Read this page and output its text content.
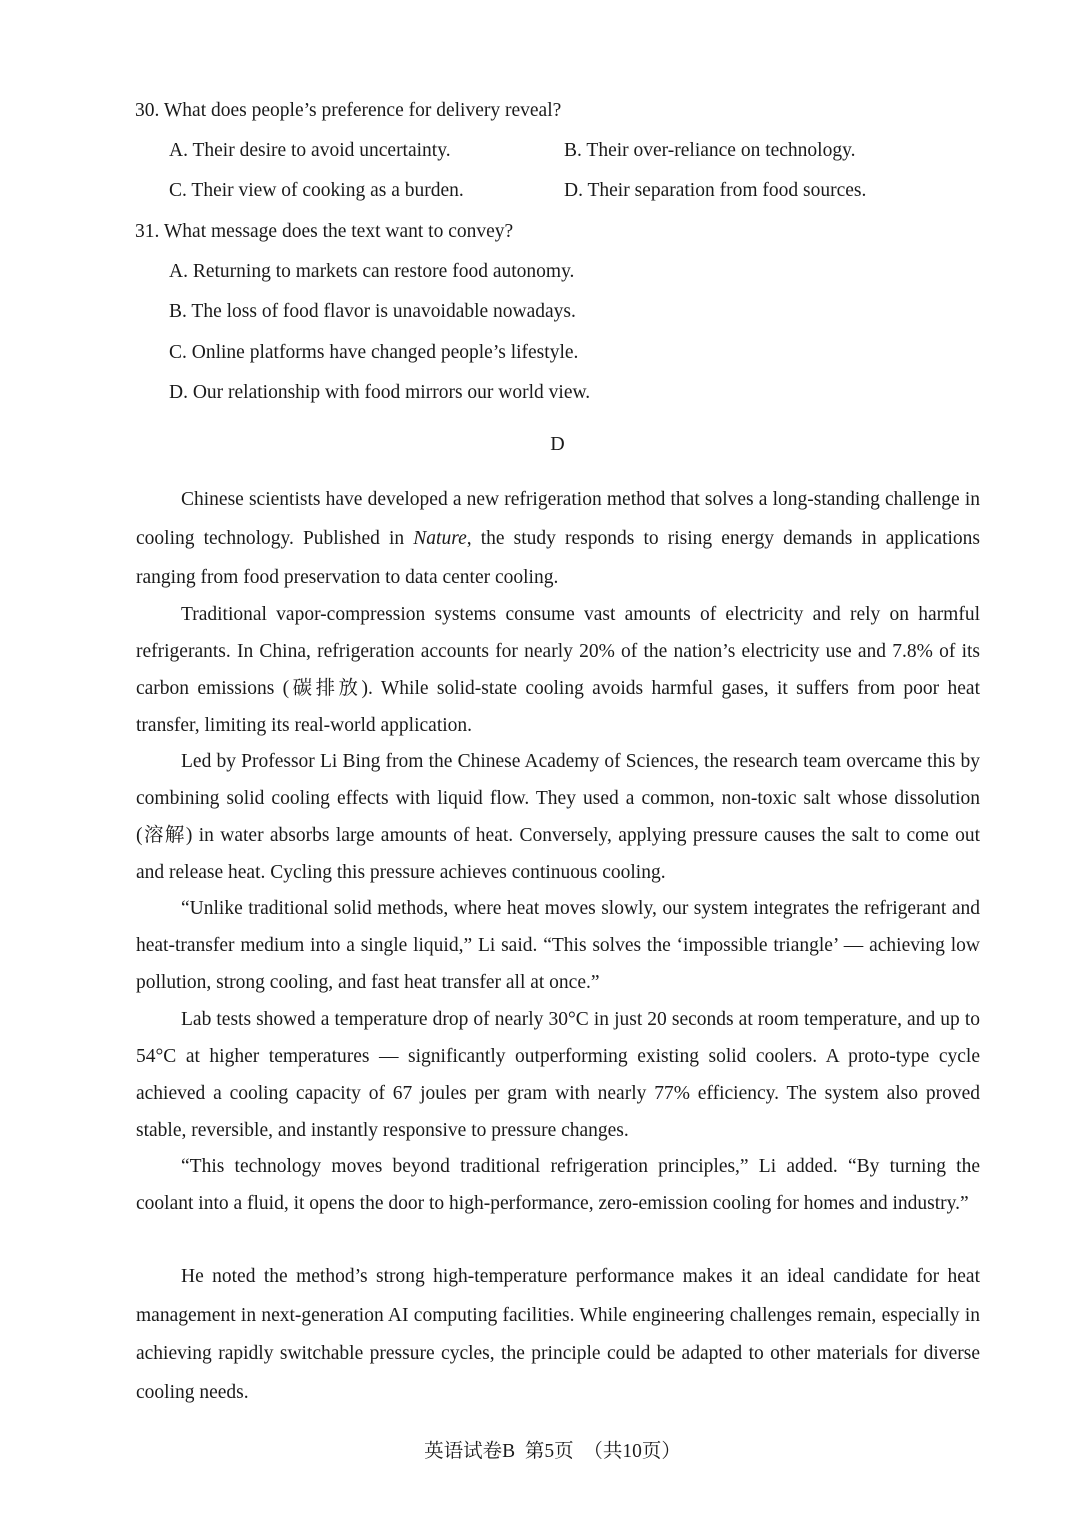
30. What does people’s preference for delivery reveal?
A. Their desire to avoid uncertainty.	B. Their over-reliance on technology.
C. Their view of cooking as a burden.	D. Their separation from food sources.
31. What message does the text want to convey?
A. Returning to markets can restore food autonomy.
B. The loss of food flavor is unavoidable nowadays.
C. Online platforms have changed people’s lifestyle.
D. Our relationship with food mirrors our world view.
D

Chinese scientists have developed a new refrigeration method that solves a long-standing challenge in cooling technology. Published in Nature, the study responds to rising energy demands in applications ranging from food preservation to data center cooling.

Traditional vapor-compression systems consume vast amounts of electricity and rely on harmful refrigerants. In China, refrigeration accounts for nearly 20% of the nation’s electricity use and 7.8% of its carbon emissions (碳排放). While solid-state cooling avoids harmful gases, it suffers from poor heat transfer, limiting its real-world application.

Led by Professor Li Bing from the Chinese Academy of Sciences, the research team overcame this by combining solid cooling effects with liquid flow. They used a common, non-toxic salt whose dissolution (溶解) in water absorbs large amounts of heat. Conversely, applying pressure causes the salt to come out and release heat. Cycling this pressure achieves continuous cooling.

“Unlike traditional solid methods, where heat moves slowly, our system integrates the refrigerant and heat-transfer medium into a single liquid,” Li said. “This solves the ‘impossible triangle’ — achieving low pollution, strong cooling, and fast heat transfer all at once.”

Lab tests showed a temperature drop of nearly 30°C in just 20 seconds at room temperature, and up to 54°C at higher temperatures — significantly outperforming existing solid coolers. A proto-type cycle achieved a cooling capacity of 67 joules per gram with nearly 77% efficiency. The system also proved stable, reversible, and instantly responsive to pressure changes.

“This technology moves beyond traditional refrigeration principles,” Li added. “By turning the coolant into a fluid, it opens the door to high-performance, zero-emission cooling for homes and industry.”

He noted the method’s strong high-temperature performance makes it an ideal candidate for heat management in next-generation AI computing facilities. While engineering challenges remain, especially in achieving rapidly switchable pressure cycles, the principle could be adapted to other materials for diverse cooling needs.

英语试卷B  第5页  （共10页）
